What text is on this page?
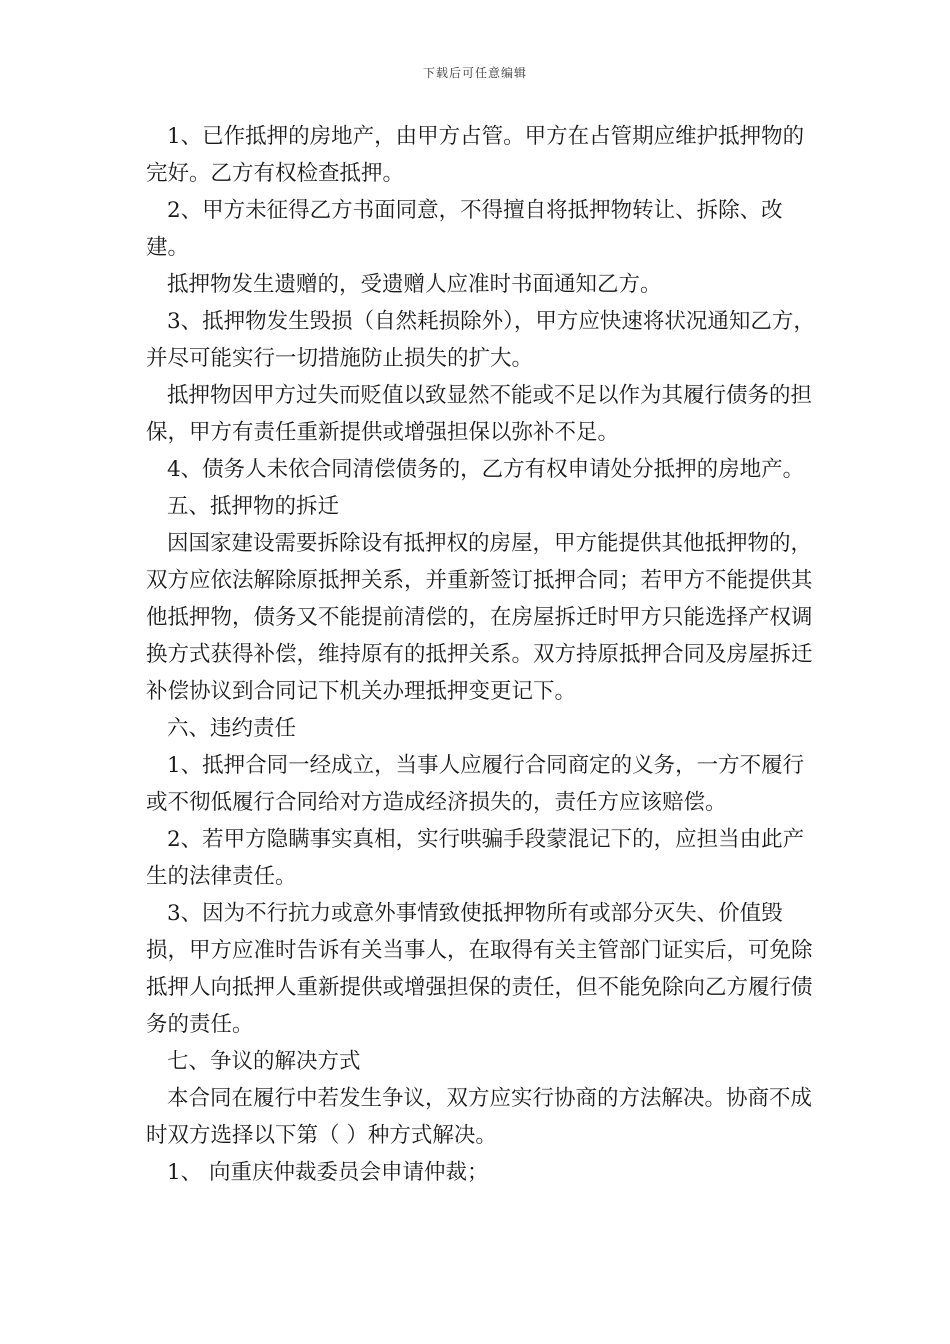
下载后可任意编辑

1、已作抵押的房地产，由甲方占管。甲方在占管期应维护抵押物的完好。乙方有权检查抵押。

2、甲方未征得乙方书面同意，不得擅自将抵押物转让、拆除、改建。

抵押物发生遗赠的，受遗赠人应准时书面通知乙方。

3、抵押物发生毁损（自然耗损除外），甲方应快速将状况通知乙方，并尽可能实行一切措施防止损失的扩大。

抵押物因甲方过失而贬值以致显然不能或不足以作为其履行债务的担保，甲方有责任重新提供或增强担保以弥补不足。

4、债务人未依合同清偿债务的，乙方有权申请处分抵押的房地产。

五、抵押物的拆迁

因国家建设需要拆除设有抵押权的房屋，甲方能提供其他抵押物的，双方应依法解除原抵押关系，并重新签订抵押合同；若甲方不能提供其他抵押物，债务又不能提前清偿的，在房屋拆迁时甲方只能选择产权调换方式获得补偿，维持原有的抵押关系。双方持原抵押合同及房屋拆迁补偿协议到合同记下机关办理抵押变更记下。

六、违约责任

1、抵押合同一经成立，当事人应履行合同商定的义务，一方不履行或不彻低履行合同给对方造成经济损失的，责任方应该赔偿。

2、若甲方隐瞒事实真相，实行哄骗手段蒙混记下的，应担当由此产生的法律责任。

3、因为不行抗力或意外事情致使抵押物所有或部分灭失、价值毁损，甲方应准时告诉有关当事人，在取得有关主管部门证实后，可免除抵押人向抵押人重新提供或增强担保的责任，但不能免除向乙方履行债务的责任。

七、争议的解决方式

本合同在履行中若发生争议，双方应实行协商的方法解决。协商不成时双方选择以下第（ ）种方式解决。

1、 向重庆仲裁委员会申请仲裁；
